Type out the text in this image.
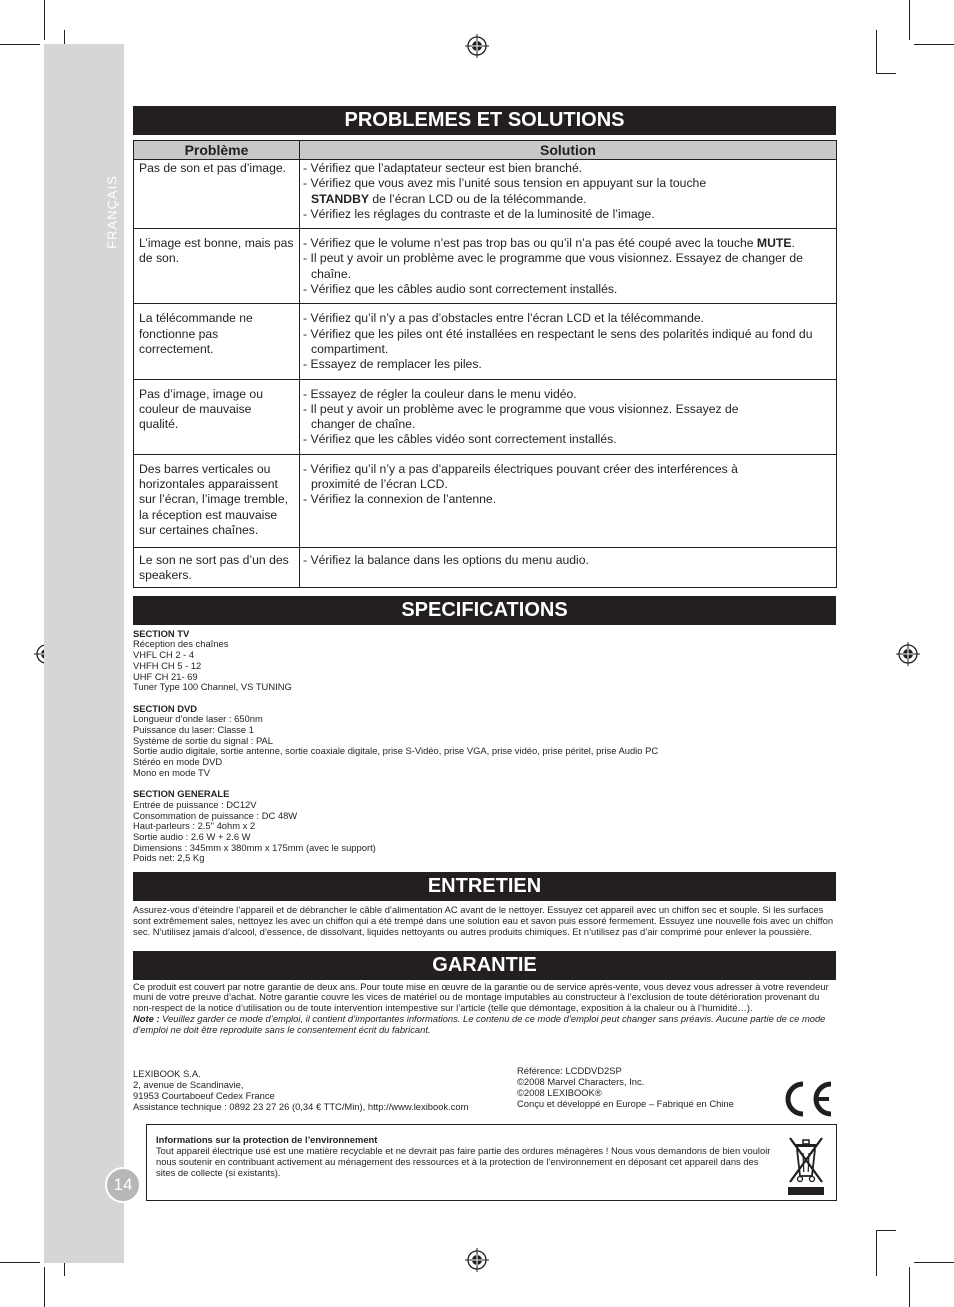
FRANÇAIS
14
PROBLEMES ET SOLUTIONS
Problème	Solution
Pas de son et pas d’image.	- Vérifiez que l’adaptateur secteur est bien branché.
- Vérifiez que vous avez mis l’unité sous tension en appuyant sur la touche
STANDBY de l’écran LCD ou de la télécommande.
- Vérifiez les réglages du contraste et de la luminosité de l’image.

L’image est bonne, mais pas de son.	- Vérifiez que le volume n’est pas trop bas ou qu’il n’a pas été coupé avec la touche MUTE.
- Il peut y avoir un problème avec le programme que vous visionnez. Essayez de changer de chaîne.
- Vérifiez que les câbles audio sont correctement installés.

La télécommande ne fonctionne pas correctement.	- Vérifiez qu’il n’y a pas d’obstacles entre l’écran LCD et la télécommande.
- Vérifiez que les piles ont été installées en respectant le sens des polarités indiqué au fond du compartiment.
- Essayez de remplacer les piles.

Pas d’image, image ou couleur de mauvaise qualité.	- Essayez de régler la couleur dans le menu vidéo.
- Il peut y avoir un problème avec le programme que vous visionnez. Essayez de changer de chaîne.
- Vérifiez que les câbles vidéo sont correctement installés.

Des barres verticales ou horizontales apparaissent sur l’écran, l’image tremble, la réception est mauvaise sur certaines chaînes.	- Vérifiez qu’il n’y a pas d’appareils électriques pouvant créer des interférences à proximité de l’écran LCD.
- Vérifiez la connexion de l’antenne.

Le son ne sort pas d’un des speakers.	- Vérifiez la balance dans les options du menu audio.
SPECIFICATIONS
SECTION TV
Réception des chaînes
VHFL CH 2 - 4
VHFH CH 5 - 12
UHF CH 21- 69
Tuner Type 100 Channel, VS TUNING
SECTION DVD
Longueur d’onde laser : 650nm
Puissance du laser: Classe 1
Système de sortie du signal : PAL
Sortie audio digitale, sortie antenne, sortie coaxiale digitale, prise S-Vidéo, prise VGA, prise vidéo, prise péritel, prise Audio PC
Stéréo en mode DVD
Mono en mode TV
SECTION GENERALE
Entrée de puissance : DC12V
Consommation de puissance : DC 48W
Haut-parleurs : 2.5" 4ohm x 2
Sortie audio : 2.6 W + 2.6 W
Dimensions : 345mm x 380mm x 175mm (avec le support)
Poids net: 2,5 Kg
ENTRETIEN
Assurez-vous d’éteindre l’appareil et de débrancher le câble d’alimentation AC avant de le nettoyer. Essuyez cet appareil avec un chiffon sec et souple. Si les surfaces sont extrêmement sales, nettoyez les avec un chiffon qui a été trempé dans une solution eau et savon puis essoré fermement. Essuyez une nouvelle fois avec un chiffon sec. N’utilisez jamais d’alcool, d’essence, de dissolvant, liquides nettoyants ou autres produits chimiques. Et n’utilisez pas d’air comprimé pour enlever la poussière.
GARANTIE
Ce produit est couvert par notre garantie de deux ans. Pour toute mise en œuvre de la garantie ou de service après-vente, vous devez vous adresser à votre revendeur muni de votre preuve d’achat. Notre garantie couvre les vices de matériel ou de montage imputables au constructeur à l’exclusion de toute détérioration provenant du non-respect de la notice d’utilisation ou de toute intervention intempestive sur l’article (telle que démontage, exposition à la chaleur ou à l’humidité…).
Note : Veuillez garder ce mode d’emploi, il contient d’importantes informations. Le contenu de ce mode d’emploi peut changer sans préavis. Aucune partie de ce mode d’emploi ne doit être reproduite sans le consentement écrit du fabricant.
LEXIBOOK S.A.
2, avenue de Scandinavie,
91953 Courtaboeuf Cedex France
Assistance technique : 0892 23 27 26 (0,34 € TTC/Min), http://www.lexibook.com
Référence: LCDDVD2SP
©2008 Marvel Characters, Inc.
©2008 LEXIBOOK®
Conçu et développé en Europe – Fabriqué en Chine
Informations sur la protection de l’environnement
Tout appareil électrique usé est une matière recyclable et ne devrait pas faire partie des ordures ménagères ! Nous vous demandons de bien vouloir nous soutenir en contribuant activement au ménagement des ressources et à la protection de l’environnement en déposant cet appareil dans des sites de collecte (si existants).
